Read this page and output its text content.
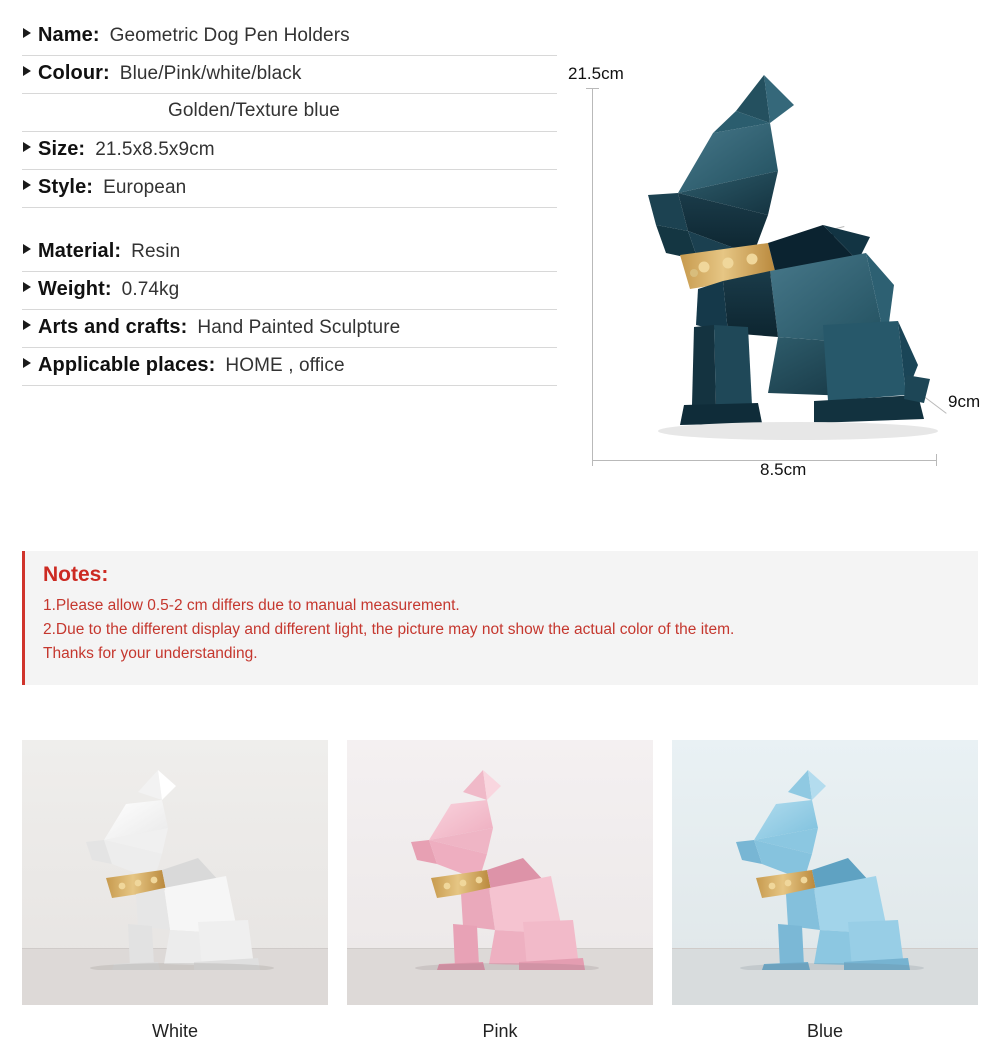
Name: Geometric Dog Pen Holders
Colour: Blue/Pink/white/black
Golden/Texture blue
Size: 21.5x8.5x9cm
Style: European
Material: Resin
Weight: 0.74kg
Arts and crafts: Hand Painted Sculpture
Applicable places: HOME , office
21.5cm
9cm
8.5cm
Notes:

1.Please allow 0.5-2 cm differs due to manual measurement.

2.Due to the different display and different light, the picture may not show the actual color of the item.

Thanks for your understanding.

White	Pink	Blue
